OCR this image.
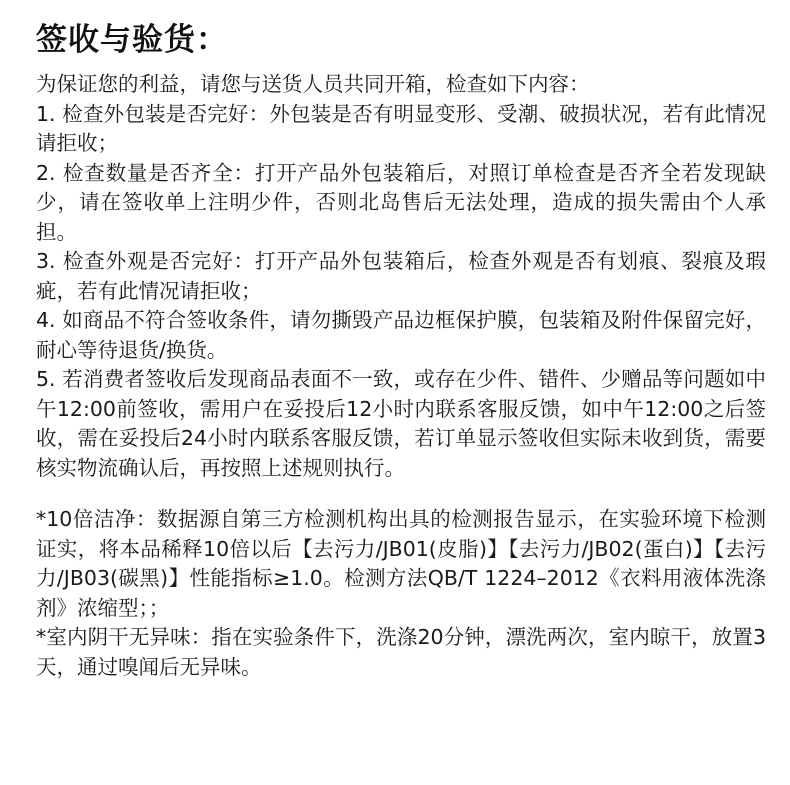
签收与验货：

为保证您的利益，请您与送货人员共同开箱，检查如下内容：

1. 检查外包装是否完好：外包装是否有明显变形、受潮、破损状况，若有此情况请拒收；

2. 检查数量是否齐全：打开产品外包装箱后，对照订单检查是否齐全若发现缺少，请在签收单上注明少件，否则北岛售后无法处理，造成的损失需由个人承担。

3. 检查外观是否完好：打开产品外包装箱后，检查外观是否有划痕、裂痕及瑕疵，若有此情况请拒收；

4. 如商品不符合签收条件，请勿撕毁产品边框保护膜，包装箱及附件保留完好，耐心等待退货/换货。

5. 若消费者签收后发现商品表面不一致，或存在少件、错件、少赠品等问题如中午12:00前签收，需用户在妥投后12小时内联系客服反馈，如中午12:00之后签收，需在妥投后24小时内联系客服反馈，若订单显示签收但实际未收到货，需要核实物流确认后，再按照上述规则执行。

*10倍洁净：数据源自第三方检测机构出具的检测报告显示，在实验环境下检测证实，将本品稀释10倍以后【去污力/JB01(皮脂)】【去污力/JB02(蛋白)】【去污力/JB03(碳黑)】性能指标≥1.0。检测方法QB/T 1224–2012《衣料用液体洗涤剂》浓缩型；；

*室内阴干无异味：指在实验条件下，洗涤20分钟，漂洗两次，室内晾干，放置3天，通过嗅闻后无异味。
